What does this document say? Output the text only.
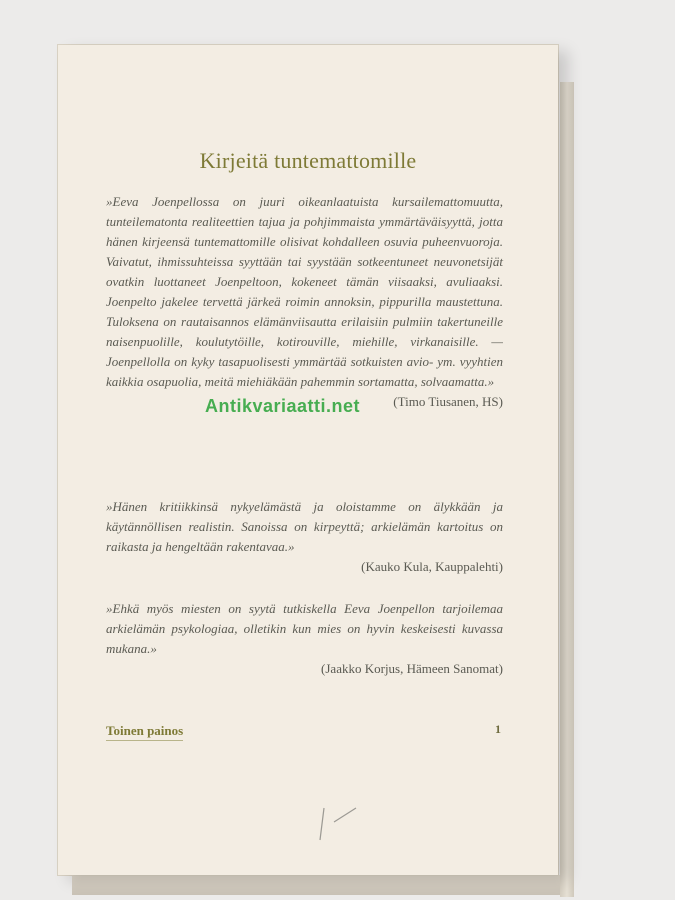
Kirjeitä tuntemattomille
»Eeva Joenpellossa on juuri oikeanlaatuista kursailemattomuutta, tunteilematonta realiteettien tajua ja pohjimmaista ymmärtäväisyyttä, jotta hänen kirjeensä tuntemattomille olisivat kohdalleen osuvia puheenvuoroja. Vaivatut, ihmissuhteissa syyttään tai syystään sotkeentuneet neuvonetsijät ovatkin luottaneet Joenpeltoon, kokeneet tämän viisaaksi, avuliaaksi. Joenpelto jakelee tervettä järkeä roimin annoksin, pippurilla maustettuna. Tuloksena on rautaisannos elämänviisautta erilaisiin pulmiin takertuneille naisenpuolille, koulutytöille, kotirouville, miehille, virkanaisille. — Joenpellolla on kyky tasapuolisesti ymmärtää sotkuisten avio- ym. vyyhtien kaikkia osapuolia, meitä miehiäkään pahemmin sortamatta, solvaamatta.»
(Timo Tiusanen, HS)
»Hänen kritiikkinsä nykyelämästä ja oloistamme on älykkään ja käytännöllisen realistin. Sanoissa on kirpeyttä; arkielämän kartoitus on raikasta ja hengeltään rakentavaa.»
(Kauko Kula, Kauppalehti)
»Ehkä myös miesten on syytä tutkiskella Eeva Joenpellon tarjoilemaa arkielämän psykologiaa, olletikin kun mies on hyvin keskeisesti kuvassa mukana.»
(Jaakko Korjus, Hämeen Sanomat)
Toinen painos	1
Antikvariaatti.net
